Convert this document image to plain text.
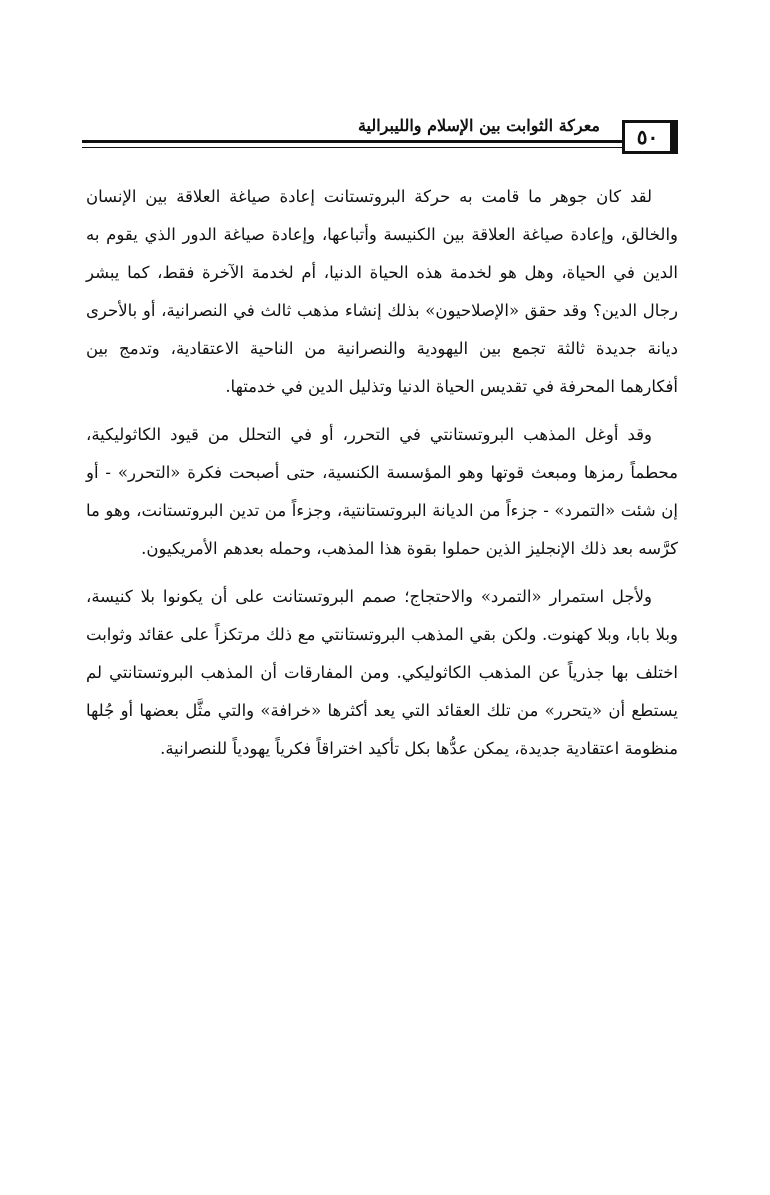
معركة الثوابت بين الإسلام والليبرالية	٥٠

لقد كان جوهر ما قامت به حركة البروتستانت إعادة صياغة العلاقة بين الإنسان والخالق، وإعادة صياغة العلاقة بين الكنيسة وأتباعها، وإعادة صياغة الدور الذي يقوم به الدين في الحياة، وهل هو لخدمة هذه الحياة الدنيا، أم لخدمة الآخرة فقط، كما يبشر رجال الدين؟ وقد حقق «الإصلاحيون» بذلك إنشاء مذهب ثالث في النصرانية، أو بالأحرى ديانة جديدة ثالثة تجمع بين اليهودية والنصرانية من الناحية الاعتقادية، وتدمج بين أفكارهما المحرفة في تقديس الحياة الدنيا وتذليل الدين في خدمتها.

وقد أوغل المذهب البروتستانتي في التحرر، أو في التحلل من قيود الكاثوليكية، محطماً رمزها ومبعث قوتها وهو المؤسسة الكنسية، حتى أصبحت فكرة «التحرر» - أو إن شئت «التمرد» - جزءاً من الديانة البروتستانتية، وجزءاً من تدين البروتستانت، وهو ما كرَّسه بعد ذلك الإنجليز الذين حملوا بقوة هذا المذهب، وحمله بعدهم الأمريكيون.

ولأجل استمرار «التمرد» والاحتجاج؛ صمم البروتستانت على أن يكونوا بلا كنيسة، وبلا بابا، وبلا كهنوت. ولكن بقي المذهب البروتستانتي مع ذلك مرتكزاً على عقائد وثوابت اختلف بها جذرياً عن المذهب الكاثوليكي. ومن المفارقات أن المذهب البروتستانتي لم يستطع أن «يتحرر» من تلك العقائد التي يعد أكثرها «خرافة» والتي مثَّل بعضها أو جُلها منظومة اعتقادية جديدة، يمكن عدُّها بكل تأكيد اختراقاً فكرياً يهودياً للنصرانية.
